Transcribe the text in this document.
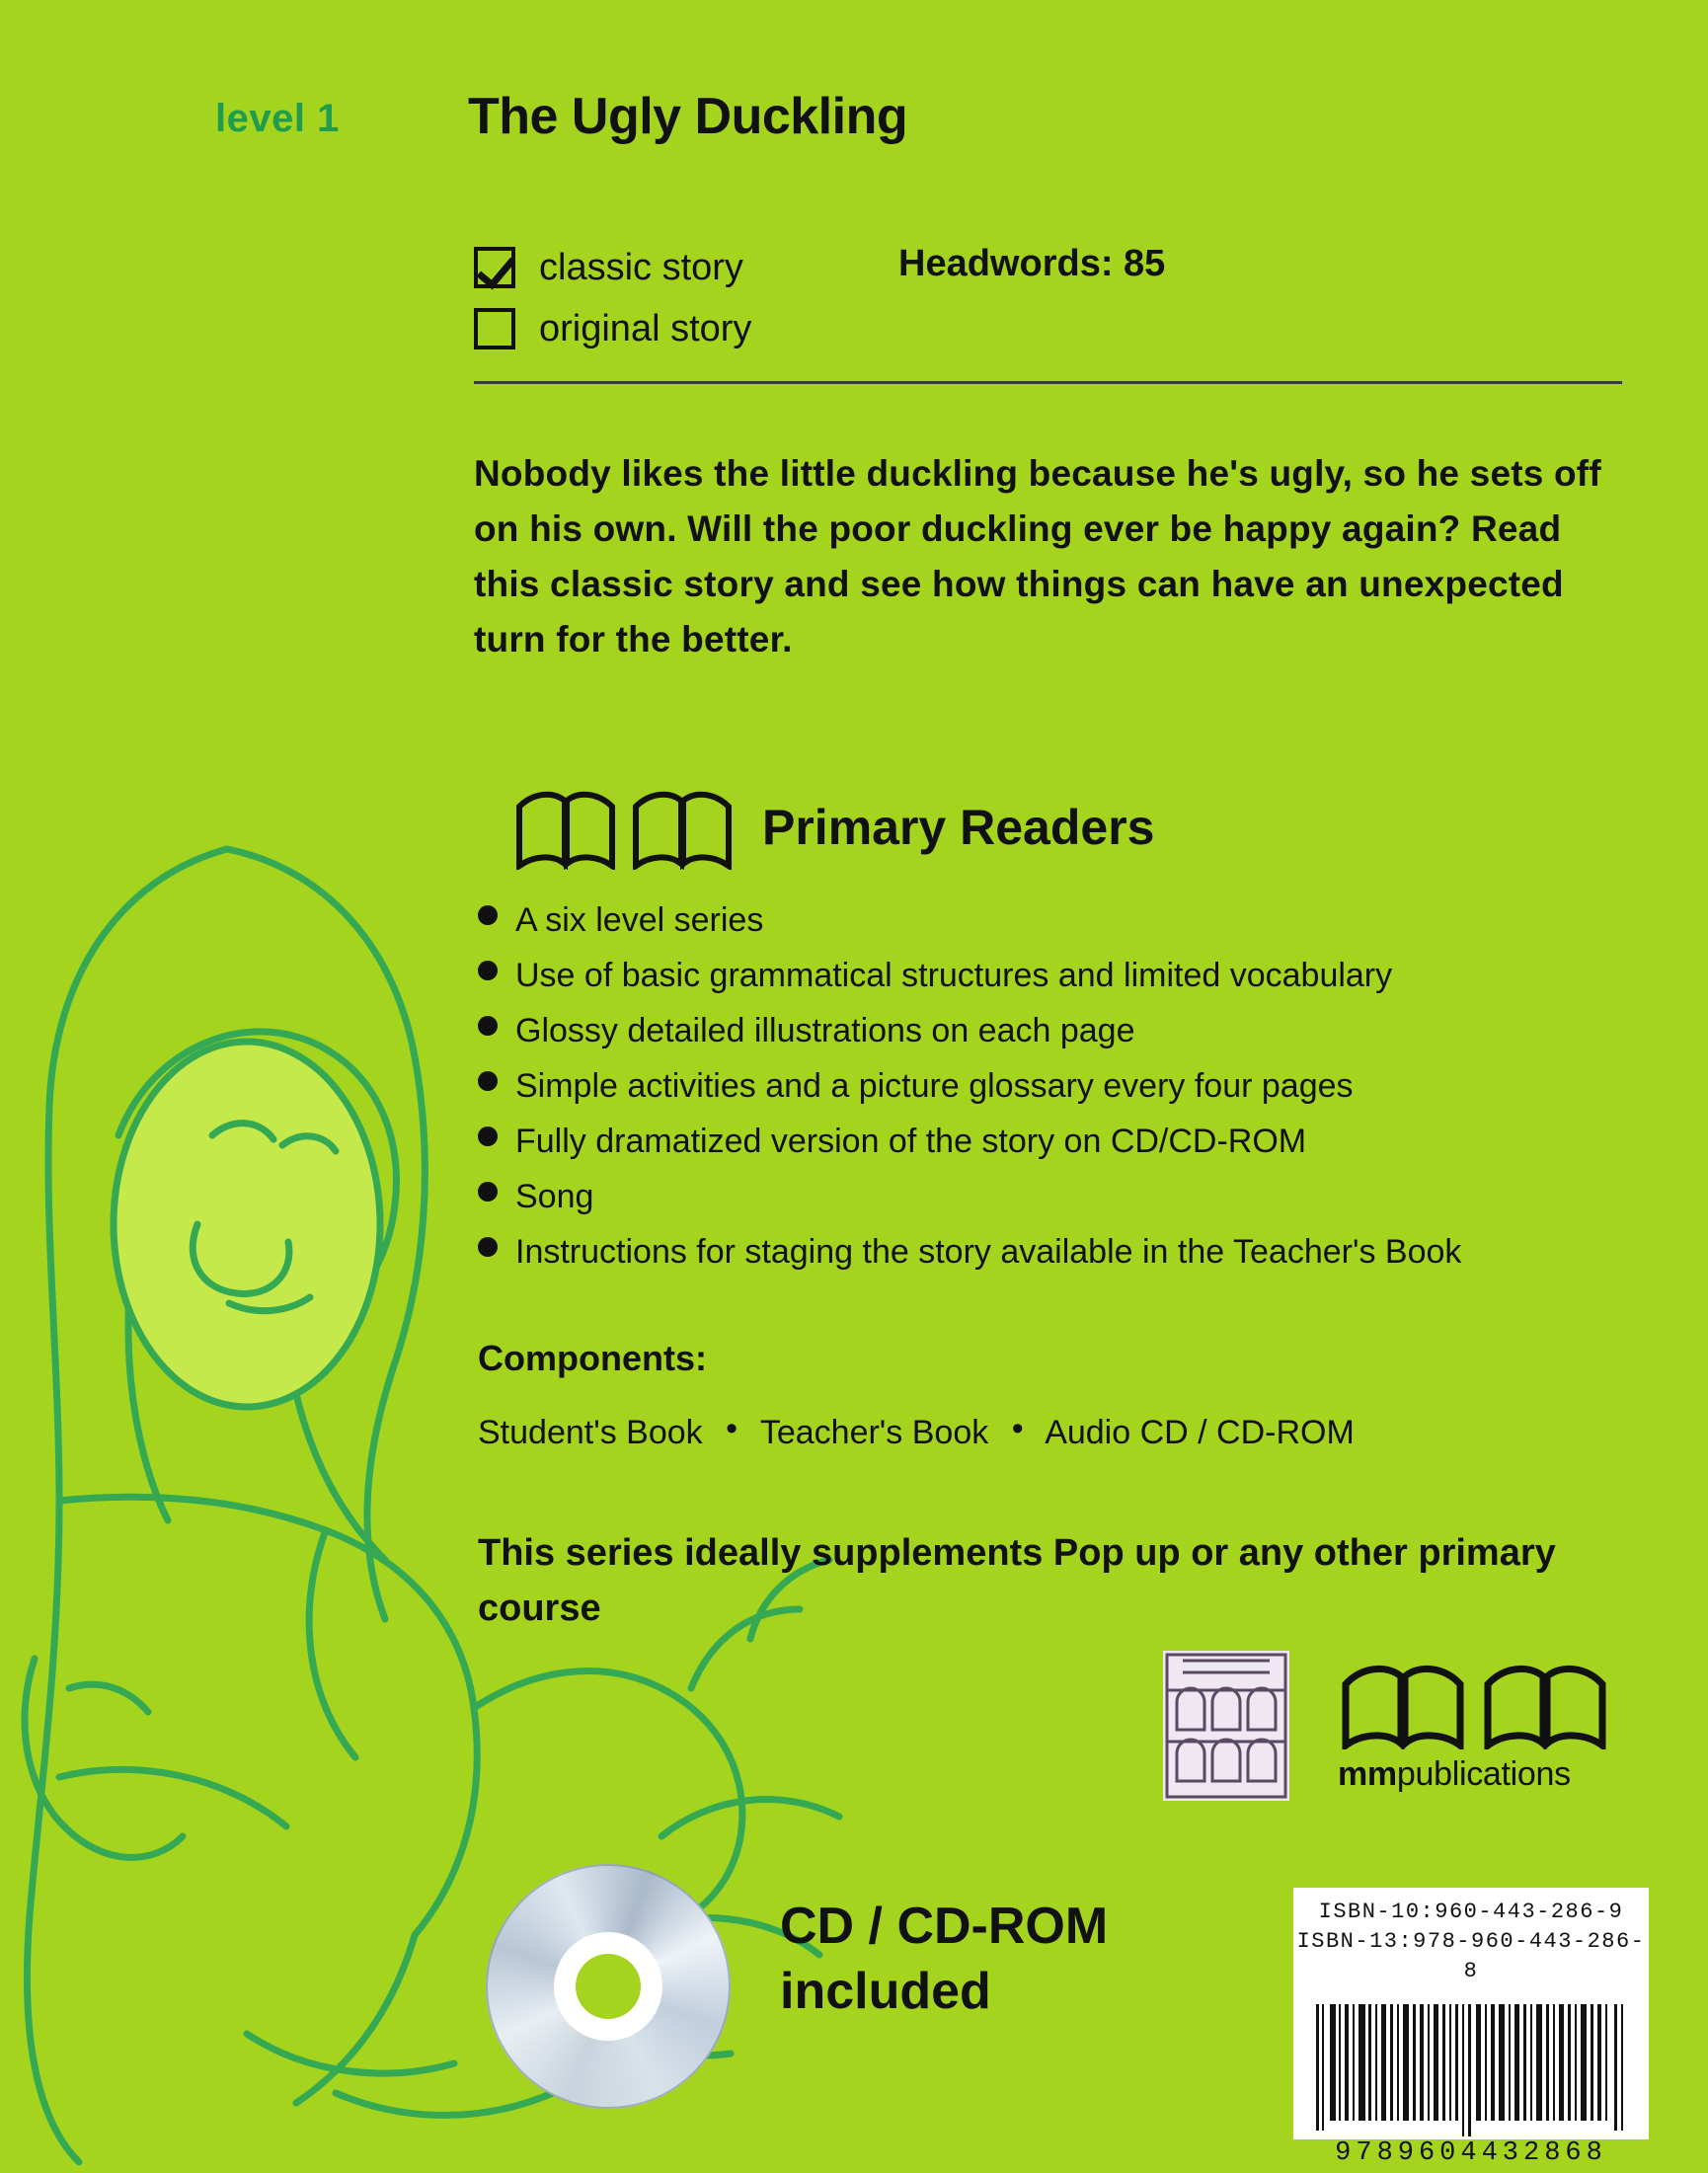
level 1	The Ugly Duckling
classic story	Headwords: 85
original story
Nobody likes the little duckling because he's ugly, so he sets off on his own. Will the poor duckling ever be happy again? Read this classic story and see how things can have an unexpected turn for the better.
Primary Readers
A six level series
Use of basic grammatical structures and limited vocabulary
Glossy detailed illustrations on each page
Simple activities and a picture glossary every four pages
Fully dramatized version of the story on CD/CD-ROM
Song
Instructions for staging the story available in the Teacher's Book
Components:
Student's Book • Teacher's Book • Audio CD / CD-ROM
This series ideally supplements Pop up or any other primary course
mmpublications
CD / CD-ROM
included
ISBN-10:960-443-286-9
ISBN-13:978-960-443-286-8
9789604432868
